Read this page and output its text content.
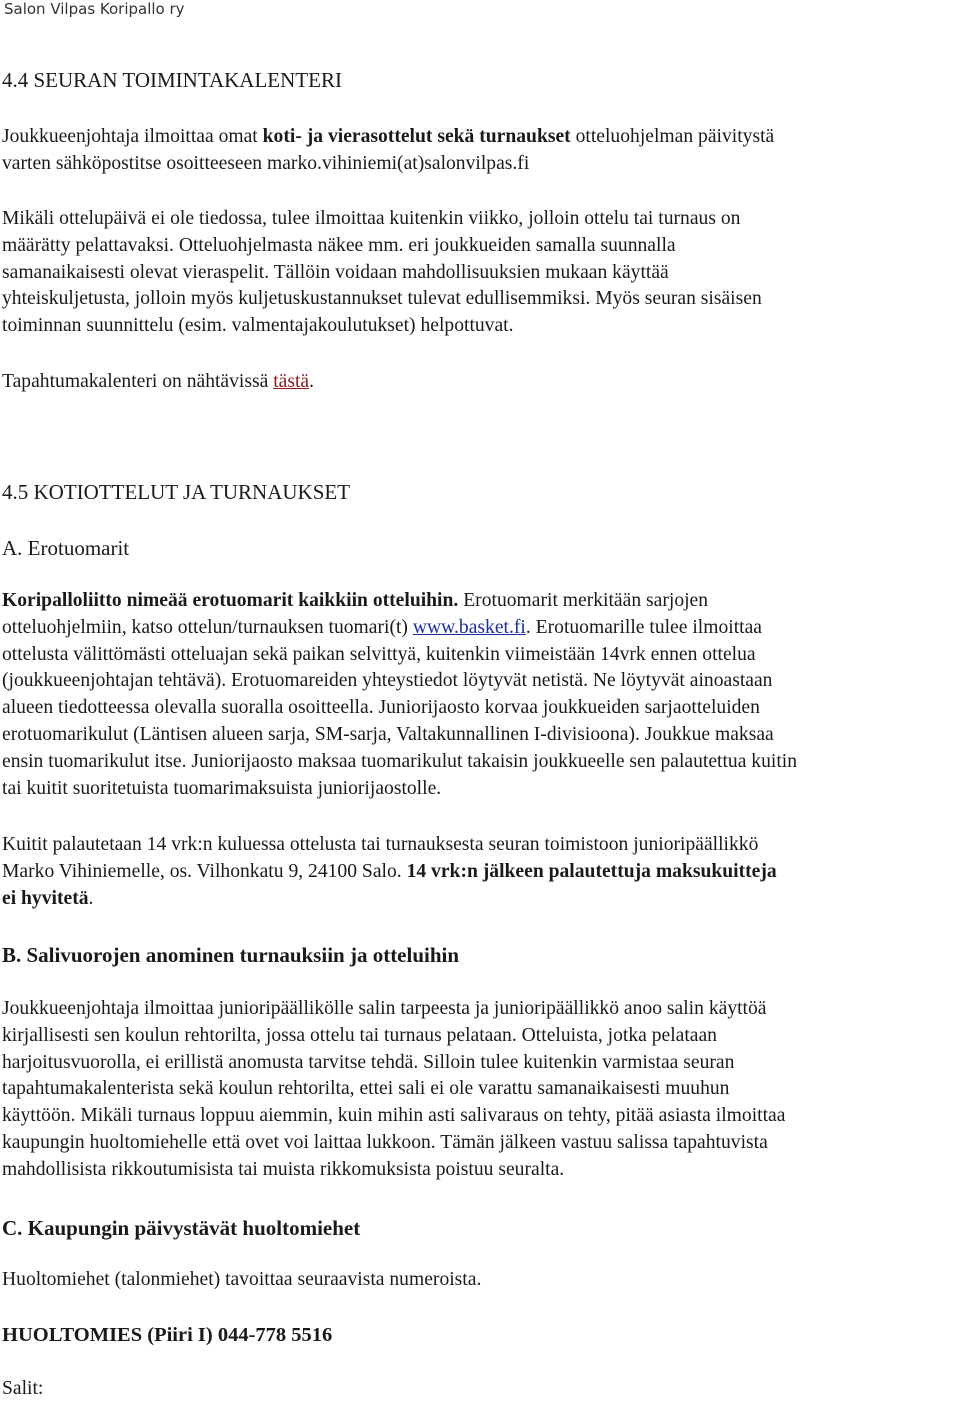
Salon Vilpas Koripallo ry
4.4 SEURAN TOIMINTAKALENTERI

Joukkueenjohtaja ilmoittaa omat koti- ja vierasottelut sekä turnaukset otteluohjelman päivitystä
varten sähköpostitse osoitteeseen marko.vihiniemi(at)salonvilpas.fi

Mikäli ottelupäivä ei ole tiedossa, tulee ilmoittaa kuitenkin viikko, jolloin ottelu tai turnaus on
määrätty pelattavaksi. Otteluohjelmasta näkee mm. eri joukkueiden samalla suunnalla
samanaikaisesti olevat vieraspelit. Tällöin voidaan mahdollisuuksien mukaan käyttää
yhteiskuljetusta, jolloin myös kuljetuskustannukset tulevat edullisemmiksi. Myös seuran sisäisen
toiminnan suunnittelu (esim. valmentajakoulutukset) helpottuvat.

Tapahtumakalenteri on nähtävissä tästä.

4.5 KOTIOTTELUT JA TURNAUKSET
A. Erotuomarit

Koripalloliitto nimeää erotuomarit kaikkiin otteluihin. Erotuomarit merkitään sarjojen
otteluohjelmiin, katso ottelun/turnauksen tuomari(t) www.basket.fi. Erotuomarille tulee ilmoittaa
ottelusta välittömästi otteluajan sekä paikan selvittyä, kuitenkin viimeistään 14vrk ennen ottelua
(joukkueenjohtajan tehtävä). Erotuomareiden yhteystiedot löytyvät netistä. Ne löytyvät ainoastaan
alueen tiedotteessa olevalla suoralla osoitteella. Juniorijaosto korvaa joukkueiden sarjaotteluiden
erotuomarikulut (Läntisen alueen sarja, SM-sarja, Valtakunnallinen I-divisioona). Joukkue maksaa
ensin tuomarikulut itse. Juniorijaosto maksaa tuomarikulut takaisin joukkueelle sen palautettua kuitin
tai kuitit suoritetuista tuomarimaksuista juniorijaostolle.

Kuitit palautetaan 14 vrk:n kuluessa ottelusta tai turnauksesta seuran toimistoon junioripäällikkö
Marko Vihiniemelle, os. Vilhonkatu 9, 24100 Salo. 14 vrk:n jälkeen palautettuja maksukuitteja
ei hyvitetä.

B. Salivuorojen anominen turnauksiin ja otteluihin

Joukkueenjohtaja ilmoittaa junioripäällikölle salin tarpeesta ja junioripäällikkö anoo salin käyttöä
kirjallisesti sen koulun rehtorilta, jossa ottelu tai turnaus pelataan. Otteluista, jotka pelataan
harjoitusvuorolla, ei erillistä anomusta tarvitse tehdä. Silloin tulee kuitenkin varmistaa seuran
tapahtumakalenterista sekä koulun rehtorilta, ettei sali ei ole varattu samanaikaisesti muuhun
käyttöön. Mikäli turnaus loppuu aiemmin, kuin mihin asti salivaraus on tehty, pitää asiasta ilmoittaa
kaupungin huoltomiehelle että ovet voi laittaa lukkoon. Tämän jälkeen vastuu salissa tapahtuvista
mahdollisista rikkoutumisista tai muista rikkomuksista poistuu seuralta.

C. Kaupungin päivystävät huoltomiehet

Huoltomiehet (talonmiehet) tavoittaa seuraavista numeroista.

HUOLTOMIES (Piiri I) 044-778 5516

Salit:
